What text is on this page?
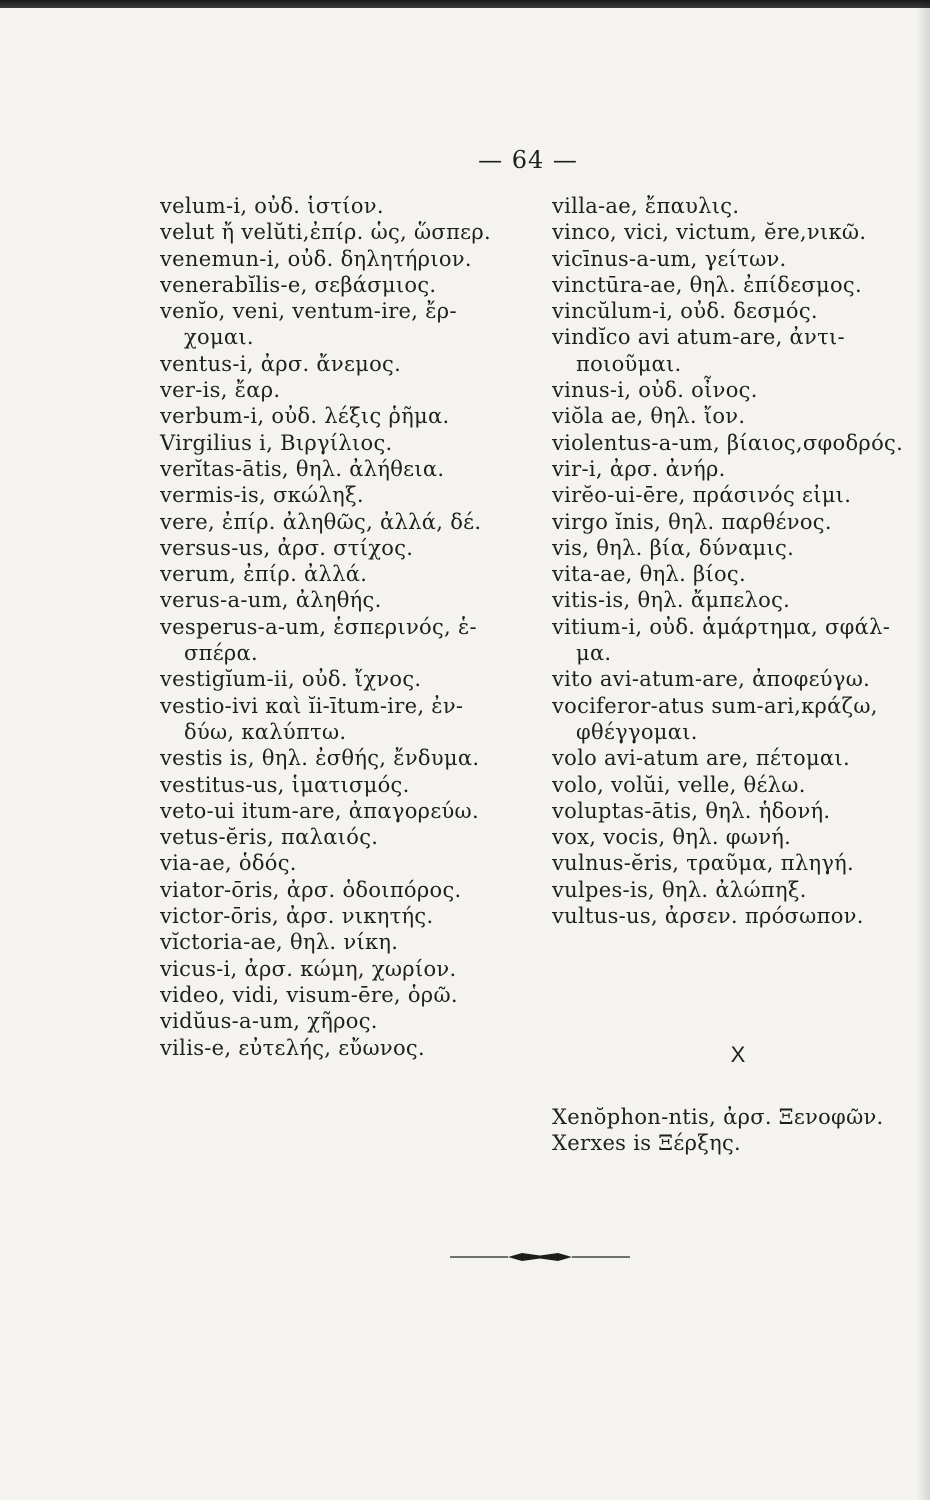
— 64 —
velum-i, οὐδ. ἱστίον.
velut ἤ velŭti,ἐπίρ. ὡς, ὥσπερ.
venemun-i, οὐδ. δηλητήριον.
venerabĭlis-e, σεβάσμιος.
venĭo, veni, ventum-ire, ἔρ-
χομαι.
ventus-i, ἀρσ. ἄνεμος.
ver-is, ἔαρ.
verbum-i, οὐδ. λέξις ῥῆμα.
Virgilius i, Βιργίλιος.
verĭtas-ātis, θηλ. ἀλήθεια.
vermis-is, σκώληξ.
vere, ἐπίρ. ἀληθῶς, ἀλλά, δέ.
versus-us, ἀρσ. στίχος.
verum, ἐπίρ. ἀλλά.
verus-a-um, ἀληθής.
vesperus-a-um, ἑσπερινός, ἑ-
σπέρα.
vestigĭum-ii, οὐδ. ἴχνος.
vestio-ivi καὶ ĭi-ītum-ire, ἐν-
δύω, καλύπτω.
vestis is, θηλ. ἐσθής, ἔνδυμα.
vestitus-us, ἱματισμός.
veto-ui itum-are, ἀπαγορεύω.
vetus-ĕris, παλαιός.
via-ae, ὁδός.
viator-ōris, ἀρσ. ὁδοιπόρος.
victor-ōris, ἀρσ. νικητής.
vĭctoria-ae, θηλ. νίκη.
vicus-i, ἀρσ. κώμη, χωρίον.
video, vidi, visum-ēre, ὁρῶ.
vidŭus-a-um, χῆρος.
vilis-e, εὐτελής, εὔωνος.
villa-ae, ἔπαυλις.
vinco, vici, victum, ĕre,νικῶ.
vicīnus-a-um, γείτων.
vinctūra-ae, θηλ. ἐπίδεσμος.
vincŭlum-i, οὐδ. δεσμός.
vindĭco avi atum-are, ἀντι-
ποιοῦμαι.
vinus-i, οὐδ. οἶνος.
viŏla ae, θηλ. ἴον.
violentus-a-um, βίαιος,σφοδρός.
vir-i, ἀρσ. ἀνήρ.
virĕo-ui-ēre, πράσινός εἰμι.
virgo ĭnis, θηλ. παρθένος.
vis, θηλ. βία, δύναμις.
vita-ae, θηλ. βίος.
vitis-is, θηλ. ἄμπελος.
vitium-i, οὐδ. ἁμάρτημα, σφάλ-
μα.
vito avi-atum-are, ἀποφεύγω.
vociferor-atus sum-ari,κράζω,
φθέγγομαι.
volo avi-atum are, πέτομαι.
volo, volŭi, velle, θέλω.
voluptas-ātis, θηλ. ἡδονή.
vox, vocis, θηλ. φωνή.
vulnus-ĕris, τραῦμα, πληγή.
vulpes-is, θηλ. ἀλώπηξ.
vultus-us, ἀρσεν. πρόσωπον.
X
Xenŏphon-ntis, ἀρσ. Ξενοφῶν.
Xerxes is Ξέρξης.
